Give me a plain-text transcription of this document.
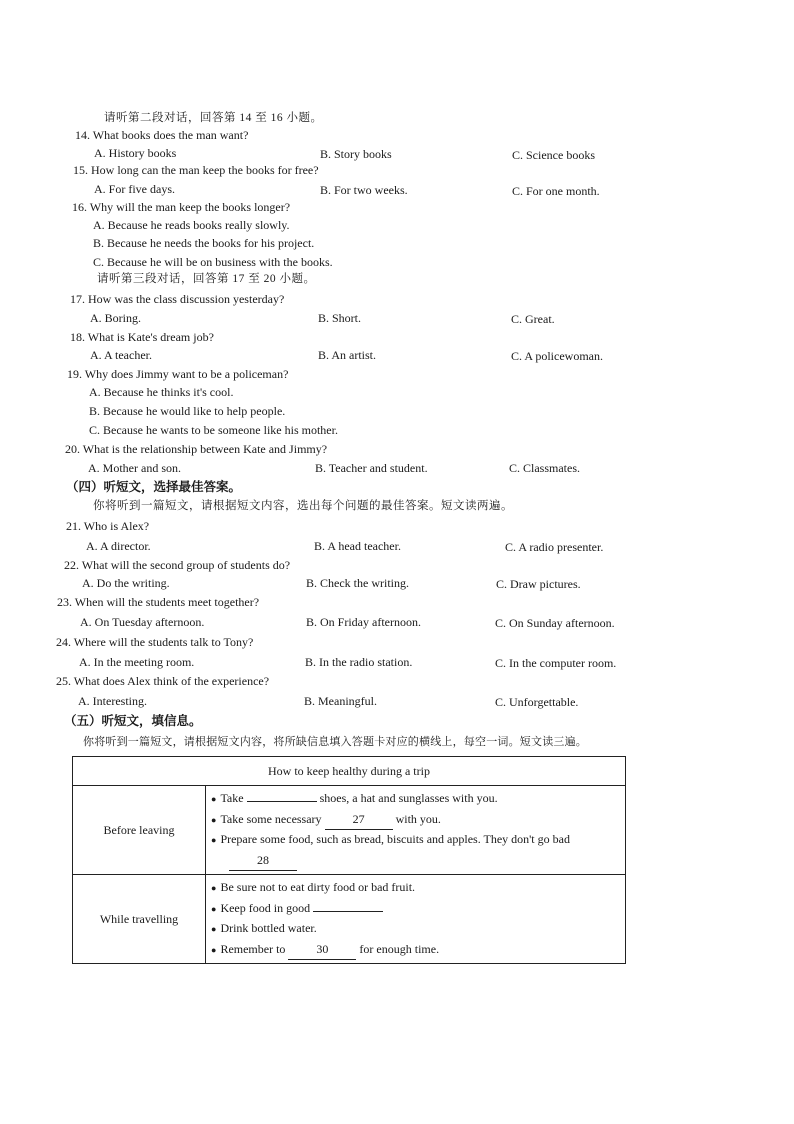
请听第二段对话，回答第 14 至 16 小题。
14. What books does the man want?
A. History books	B. Story books	C. Science books
15. How long can the man keep the books for free?
A. For five days.	B. For two weeks.	C. For one month.
16. Why will the man keep the books longer?
A. Because he reads books really slowly.
B. Because he needs the books for his project.
C. Because he will be on business with the books.
请听第三段对话，回答第 17 至 20 小题。
17. How was the class discussion yesterday?
A. Boring.	B. Short.	C. Great.
18. What is Kate's dream job?
A. A teacher.	B. An artist.	C. A policewoman.
19. Why does Jimmy want to be a policeman?
A. Because he thinks it's cool.
B. Because he would like to help people.
C. Because he wants to be someone like his mother.
20. What is the relationship between Kate and Jimmy?
A. Mother and son.	B. Teacher and student.	C. Classmates.
（四）听短文，选择最佳答案。
你将听到一篇短文，请根据短文内容，选出每个问题的最佳答案。短文读两遍。
21. Who is Alex?
A. A director.	B. A head teacher.	C. A radio presenter.
22. What will the second group of students do?
A. Do the writing.	B. Check the writing.	C. Draw pictures.
23. When will the students meet together?
A. On Tuesday afternoon.	B. On Friday afternoon.	C. On Sunday afternoon.
24. Where will the students talk to Tony?
A. In the meeting room.	B. In the radio station.	C. In the computer room.
25. What does Alex think of the experience?
A. Interesting.	B. Meaningful.	C. Unforgettable.
（五）听短文，填信息。
你将听到一篇短文，请根据短文内容，将所缺信息填入答题卡对应的横线上，每空一词。短文读三遍。
How to keep healthy during a trip	
Before leaving	● Take shoes, a hat and sunglasses with you.
● Take some necessary 27 with you.
● Prepare some food, such as bread, biscuits and apples. They don't go bad
28

While travelling	● Be sure not to eat dirty food or bad fruit.
● Keep food in good
● Drink bottled water.
● Remember to 30 for enough time.
